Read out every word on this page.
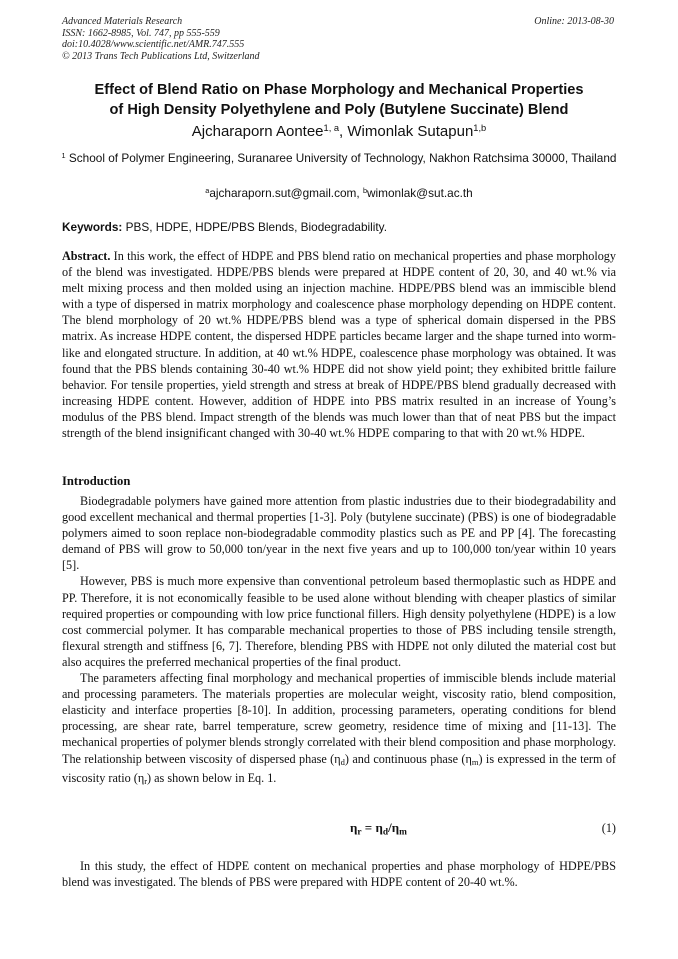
Advanced Materials Research
ISSN: 1662-8985, Vol. 747, pp 555-559
doi:10.4028/www.scientific.net/AMR.747.555
© 2013 Trans Tech Publications Ltd, Switzerland
Online: 2013-08-30
Effect of Blend Ratio on Phase Morphology and Mechanical Properties
of High Density Polyethylene and Poly (Butylene Succinate) Blend
Ajcharaporn Aontee$^{1, a}$, Wimonlak Sutapun$^{1,b}$
$^1$ School of Polymer Engineering, Suranaree University of Technology, Nakhon Ratchsima 30000, Thailand
$^a$ajcharaporn.sut@gmail.com, $^b$wimonlak@sut.ac.th
Keywords: PBS, HDPE, HDPE/PBS Blends, Biodegradability.
Abstract. In this work, the effect of HDPE and PBS blend ratio on mechanical properties and phase morphology of the blend was investigated. HDPE/PBS blends were prepared at HDPE content of 20, 30, and 40 wt.% via melt mixing process and then molded using an injection machine. HDPE/PBS blend was an immiscible blend with a type of dispersed in matrix morphology and coalescence phase morphology depending on HDPE content. The blend morphology of 20 wt.% HDPE/PBS blend was a type of spherical domain dispersed in the PBS matrix. As increase HDPE content, the dispersed HDPE particles became larger and the shape turned into worm-like and elongated structure. In addition, at 40 wt.% HDPE, coalescence phase morphology was obtained. It was found that the PBS blends containing 30-40 wt.% HDPE did not show yield point; they exhibited brittle failure behavior. For tensile properties, yield strength and stress at break of HDPE/PBS blend gradually decreased with increasing HDPE content. However, addition of HDPE into PBS matrix resulted in an increase of Young’s modulus of the PBS blend. Impact strength of the blends was much lower than that of neat PBS but the impact strength of the blend insignificant changed with 30-40 wt.% HDPE comparing to that with 20 wt.% HDPE.
Introduction

Biodegradable polymers have gained more attention from plastic industries due to their biodegradability and good excellent mechanical and thermal properties [1-3]. Poly (butylene succinate) (PBS) is one of biodegradable polymers aimed to soon replace non-biodegradable commodity plastics such as PE and PP [4]. The forecasting demand of PBS will grow to 50,000 ton/year in the next five years and up to 100,000 ton/year within 10 years [5].

However, PBS is much more expensive than conventional petroleum based thermoplastic such as HDPE and PP. Therefore, it is not economically feasible to be used alone without blending with cheaper plastics of similar required properties or compounding with low price functional fillers. High density polyethylene (HDPE) is a low cost commercial polymer. It has comparable mechanical properties to those of PBS including tensile strength, flexural strength and stiffness [6, 7]. Therefore, blending PBS with HDPE not only diluted the material cost but also acquires the preferred mechanical properties of the final product.

The parameters affecting final morphology and mechanical properties of immiscible blends include material and processing parameters. The materials properties are molecular weight, viscosity ratio, blend composition, elasticity and interface properties [8-10]. In addition, processing parameters, operating conditions for blend processing, are shear rate, barrel temperature, screw geometry, residence time of mixing and [11-13]. The mechanical properties of polymer blends strongly correlated with their blend composition and phase morphology. The relationship between viscosity of dispersed phase (ηd) and continuous phase (ηm) is expressed in the term of viscosity ratio (ηr) as shown below in Eq. 1.

$\eta_r = \eta_d/\eta_m$	(1)

In this study, the effect of HDPE content on mechanical properties and phase morphology of HDPE/PBS blend was investigated. The blends of PBS were prepared with HDPE content of 20-40 wt.%.
